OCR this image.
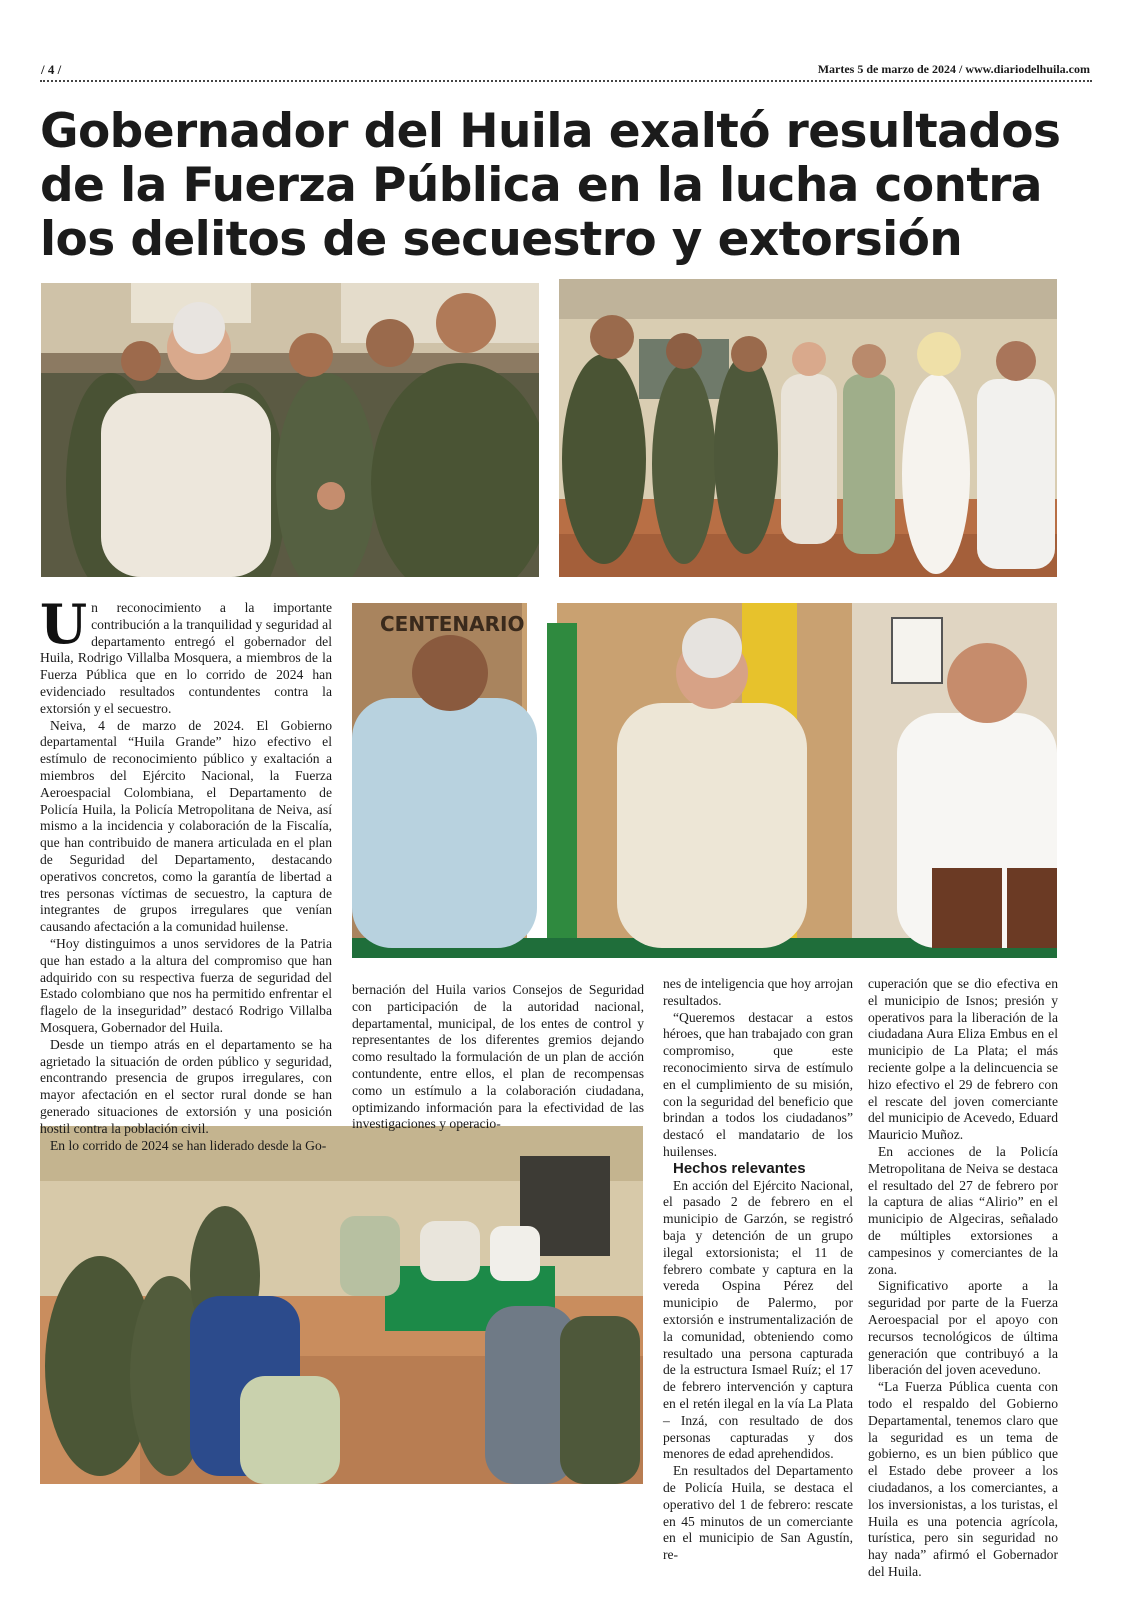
/ 4 /	Martes 5 de marzo de 2024 / www.diariodelhuila.com
Gobernador del Huila exaltó resultados de la Fuerza Pública en la lucha contra los delitos de secuestro y extorsión
CENTENARIO
U n reconocimiento a la importante contribución a la tranquilidad y seguridad al departamento entregó el gobernador del Huila, Rodrigo Villalba Mosquera, a miembros de la Fuerza Pública que en lo corrido de 2024 han evidenciado resultados contundentes contra la extorsión y el secuestro.

Neiva, 4 de marzo de 2024. El Gobierno departamental “Huila Grande” hizo efectivo el estímulo de reconocimiento público y exaltación a miembros del Ejército Nacional, la Fuerza Aeroespacial Colombiana, el Departamento de Policía Huila, la Policía Metropolitana de Neiva, así mismo a la incidencia y colaboración de la Fiscalía, que han contribuido de manera articulada en el plan de Seguridad del Departamento, destacando operativos concretos, como la garantía de libertad a tres personas víctimas de secuestro, la captura de integrantes de grupos irregulares que venían causando afectación a la comunidad huilense.

“Hoy distinguimos a unos servidores de la Patria que han estado a la altura del compromiso que han adquirido con su respectiva fuerza de seguridad del Estado colombiano que nos ha permitido enfrentar el flagelo de la inseguridad” destacó Rodrigo Villalba Mosquera, Gobernador del Huila.

Desde un tiempo atrás en el departamento se ha agrietado la situación de orden público y seguridad, encontrando presencia de grupos irregulares, con mayor afectación en el sector rural donde se han generado situaciones de extorsión y una posición hostil contra la población civil.

En lo corrido de 2024 se han liderado desde la Go-

bernación del Huila varios Consejos de Seguridad con participación de la autoridad nacional, departamental, municipal, de los entes de control y representantes de los diferentes gremios dejando como resultado la formulación de un plan de acción contundente, entre ellos, el plan de recompensas como un estímulo a la colaboración ciudadana, optimizando información para la efectividad de las investigaciones y operacio-

nes de inteligencia que hoy arrojan resultados.

“Queremos destacar a estos héroes, que han trabajado con gran compromiso, que este reconocimiento sirva de estímulo en el cumplimiento de su misión, con la seguridad del beneficio que brindan a todos los ciudadanos” destacó el mandatario de los huilenses.

Hechos relevantes

En acción del Ejército Nacional, el pasado 2 de febrero en el municipio de Garzón, se registró baja y detención de un grupo ilegal extorsionista; el 11 de febrero combate y captura en la vereda Ospina Pérez del municipio de Palermo, por extorsión e instrumentalización de la comunidad, obteniendo como resultado una persona capturada de la estructura Ismael Ruíz; el 17 de febrero intervención y captura en el retén ilegal en la vía La Plata – Inzá, con resultado de dos personas capturadas y dos menores de edad aprehendidos.

En resultados del Departamento de Policía Huila, se destaca el operativo del 1 de febrero: rescate en 45 minutos de un comerciante en el municipio de San Agustín, re-

cuperación que se dio efectiva en el municipio de Isnos; presión y operativos para la liberación de la ciudadana Aura Eliza Embus en el municipio de La Plata; el más reciente golpe a la delincuencia se hizo efectivo el 29 de febrero con el rescate del joven comerciante del municipio de Acevedo, Eduard Mauricio Muñoz.

En acciones de la Policía Metropolitana de Neiva se destaca el resultado del 27 de febrero por la captura de alias “Alirio” en el municipio de Algeciras, señalado de múltiples extorsiones a campesinos y comerciantes de la zona.

Significativo aporte a la seguridad por parte de la Fuerza Aeroespacial por el apoyo con recursos tecnológicos de última generación que contribuyó a la liberación del joven acevedunо.

“La Fuerza Pública cuenta con todo el respaldo del Gobierno Departamental, tenemos claro que la seguridad es un tema de gobierno, es un bien público que el Estado debe proveer a los ciudadanos, a los comerciantes, a los inversionistas, a los turistas, el Huila es una potencia agrícola, turística, pero sin seguridad no hay nada” afirmó el Gobernador del Huila.
